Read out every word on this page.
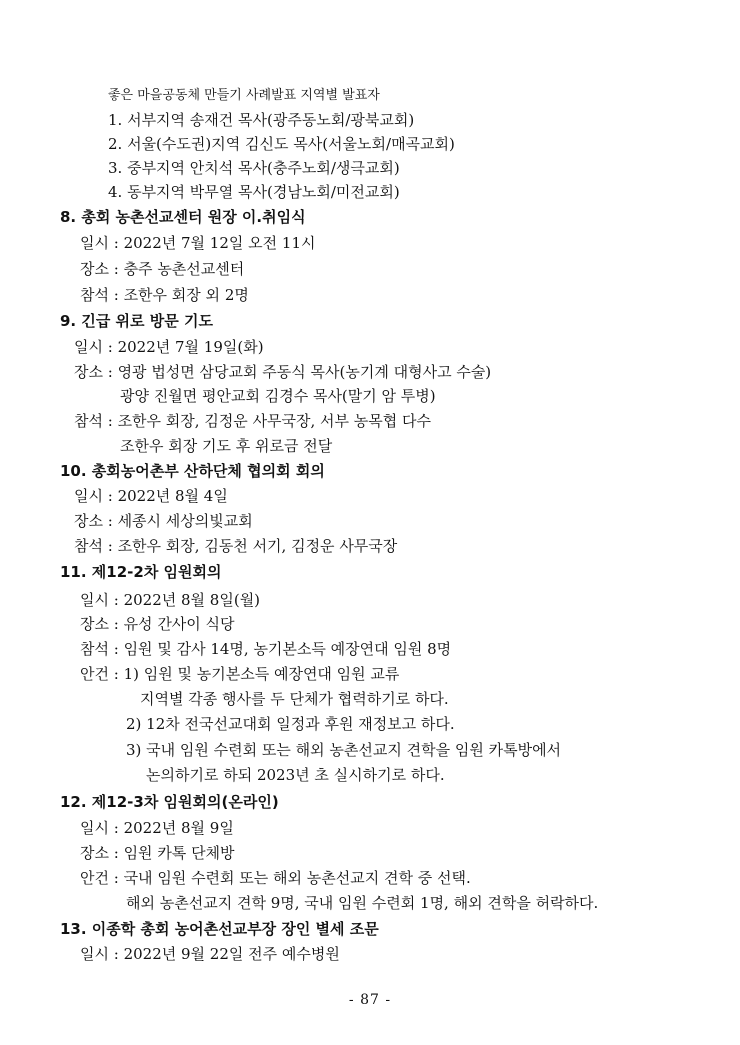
좋은 마을공동체 만들기 사례발표 지역별 발표자
1. 서부지역 송재건 목사(광주동노회/광북교회)
2. 서울(수도권)지역 김신도 목사(서울노회/매곡교회)
3. 중부지역 안치석 목사(충주노회/생극교회)
4. 동부지역 박무열 목사(경남노회/미전교회)
8. 총회 농촌선교센터 원장 이.취임식
일시 : 2022년 7월 12일 오전 11시
장소 : 충주 농촌선교센터
참석 : 조한우 회장 외 2명
9. 긴급 위로 방문 기도
일시 : 2022년 7월 19일(화)
장소 : 영광 법성면 삼당교회 주동식 목사(농기계 대형사고 수술)
광양 진월면 평안교회 김경수 목사(말기 암 투병)
참석 : 조한우 회장, 김정운 사무국장, 서부 농목협 다수
조한우 회장 기도 후 위로금 전달
10. 총회농어촌부 산하단체 협의회 회의
일시 : 2022년 8월 4일
장소 : 세종시 세상의빛교회
참석 : 조한우 회장, 김동천 서기, 김정운 사무국장
11. 제12-2차 임원회의
일시 : 2022년 8월 8일(월)
장소 : 유성 간사이 식당
참석 : 임원 및 감사 14명, 농기본소득 예장연대 임원 8명
안건 : 1) 임원 및 농기본소득 예장연대 임원 교류
지역별 각종 행사를 두 단체가 협력하기로 하다.
2) 12차 전국선교대회 일정과 후원 재정보고 하다.
3) 국내 임원 수련회 또는 해외 농촌선교지 견학을 임원 카톡방에서
논의하기로 하되 2023년 초 실시하기로 하다.
12. 제12-3차 임원회의(온라인)
일시 : 2022년 8월 9일
장소 : 임원 카톡 단체방
안건 : 국내 임원 수련회 또는 해외 농촌선교지 견학 중 선택.
해외 농촌선교지 견학 9명, 국내 임원 수련회 1명, 해외 견학을 허락하다.
13. 이종학 총회 농어촌선교부장 장인 별세 조문
일시 : 2022년 9월 22일 전주 예수병원
- 87 -
